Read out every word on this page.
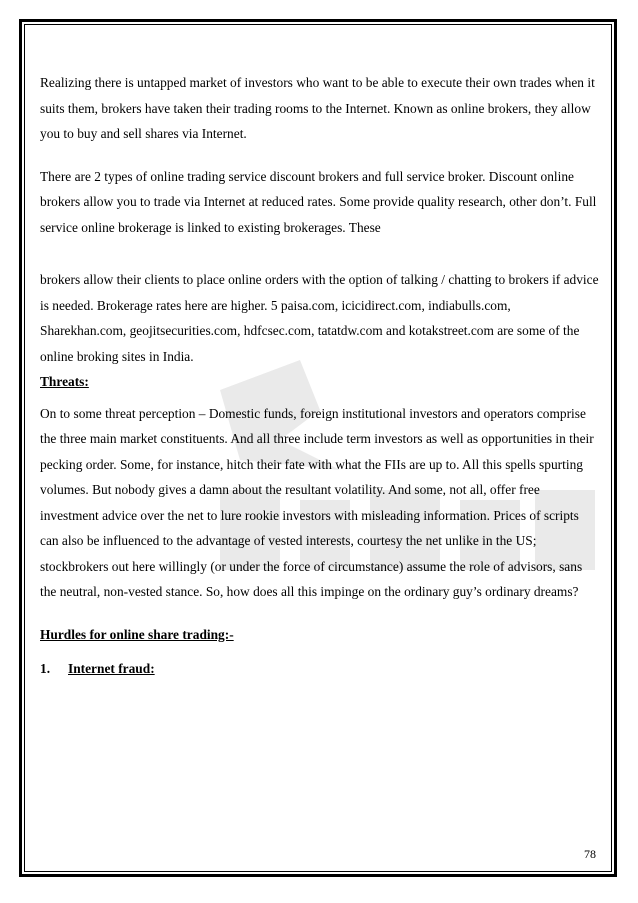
Realizing there is untapped market of investors who want to be able to execute their own trades when it suits them, brokers have taken their trading rooms to the Internet. Known as online brokers, they allow you to buy and sell shares via Internet.

There are 2 types of online trading service discount brokers and full service broker. Discount online brokers allow you to trade via Internet at reduced rates. Some provide quality research, other don’t. Full service online brokerage is linked to existing brokerages. These

brokers allow their clients to place online orders with the option of talking / chatting to brokers if advice is needed. Brokerage rates here are higher. 5 paisa.com, icicidirect.com, indiabulls.com, Sharekhan.com, geojitsecurities.com, hdfcsec.com, tatatdw.com and kotakstreet.com are some of the online broking sites in India.

Threats:

On to some threat perception – Domestic funds, foreign institutional investors and operators comprise the three main market constituents. And all three include term investors as well as opportunities in their pecking order. Some, for instance, hitch their fate with what the FIIs are up to. All this spells spurting volumes. But nobody gives a damn about the resultant volatility. And some, not all, offer free investment advice over the net to lure rookie investors with misleading information. Prices of scripts can also be influenced to the advantage of vested interests, courtesy the net unlike in the US; stockbrokers out here willingly (or under the force of circumstance) assume the role of advisors, sans the neutral, non-vested stance. So, how does all this impinge on the ordinary guy’s ordinary dreams?

Hurdles for online share trading:-

1. Internet fraud:

78
